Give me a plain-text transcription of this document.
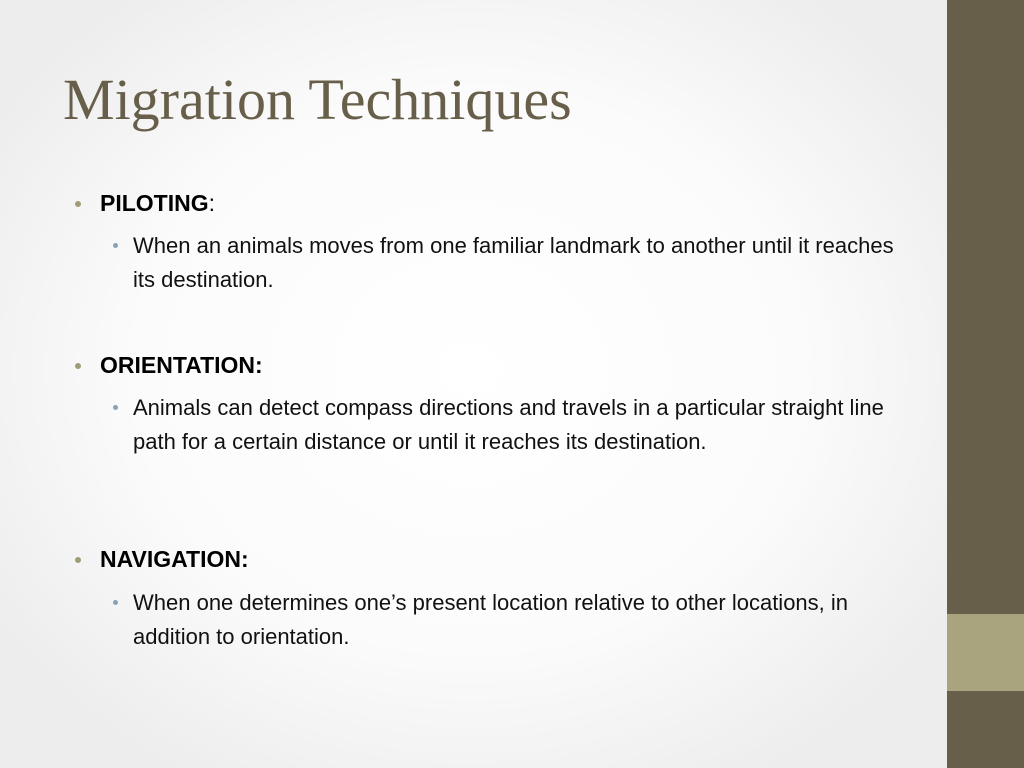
Migration Techniques
PILOTING:
When an animals moves from one familiar landmark to another until it reaches its destination.
ORIENTATION:
Animals can detect compass directions and travels in a particular straight line path for a certain distance or until it reaches its destination.
NAVIGATION:
When one determines one’s present location relative to other locations, in addition to orientation.
